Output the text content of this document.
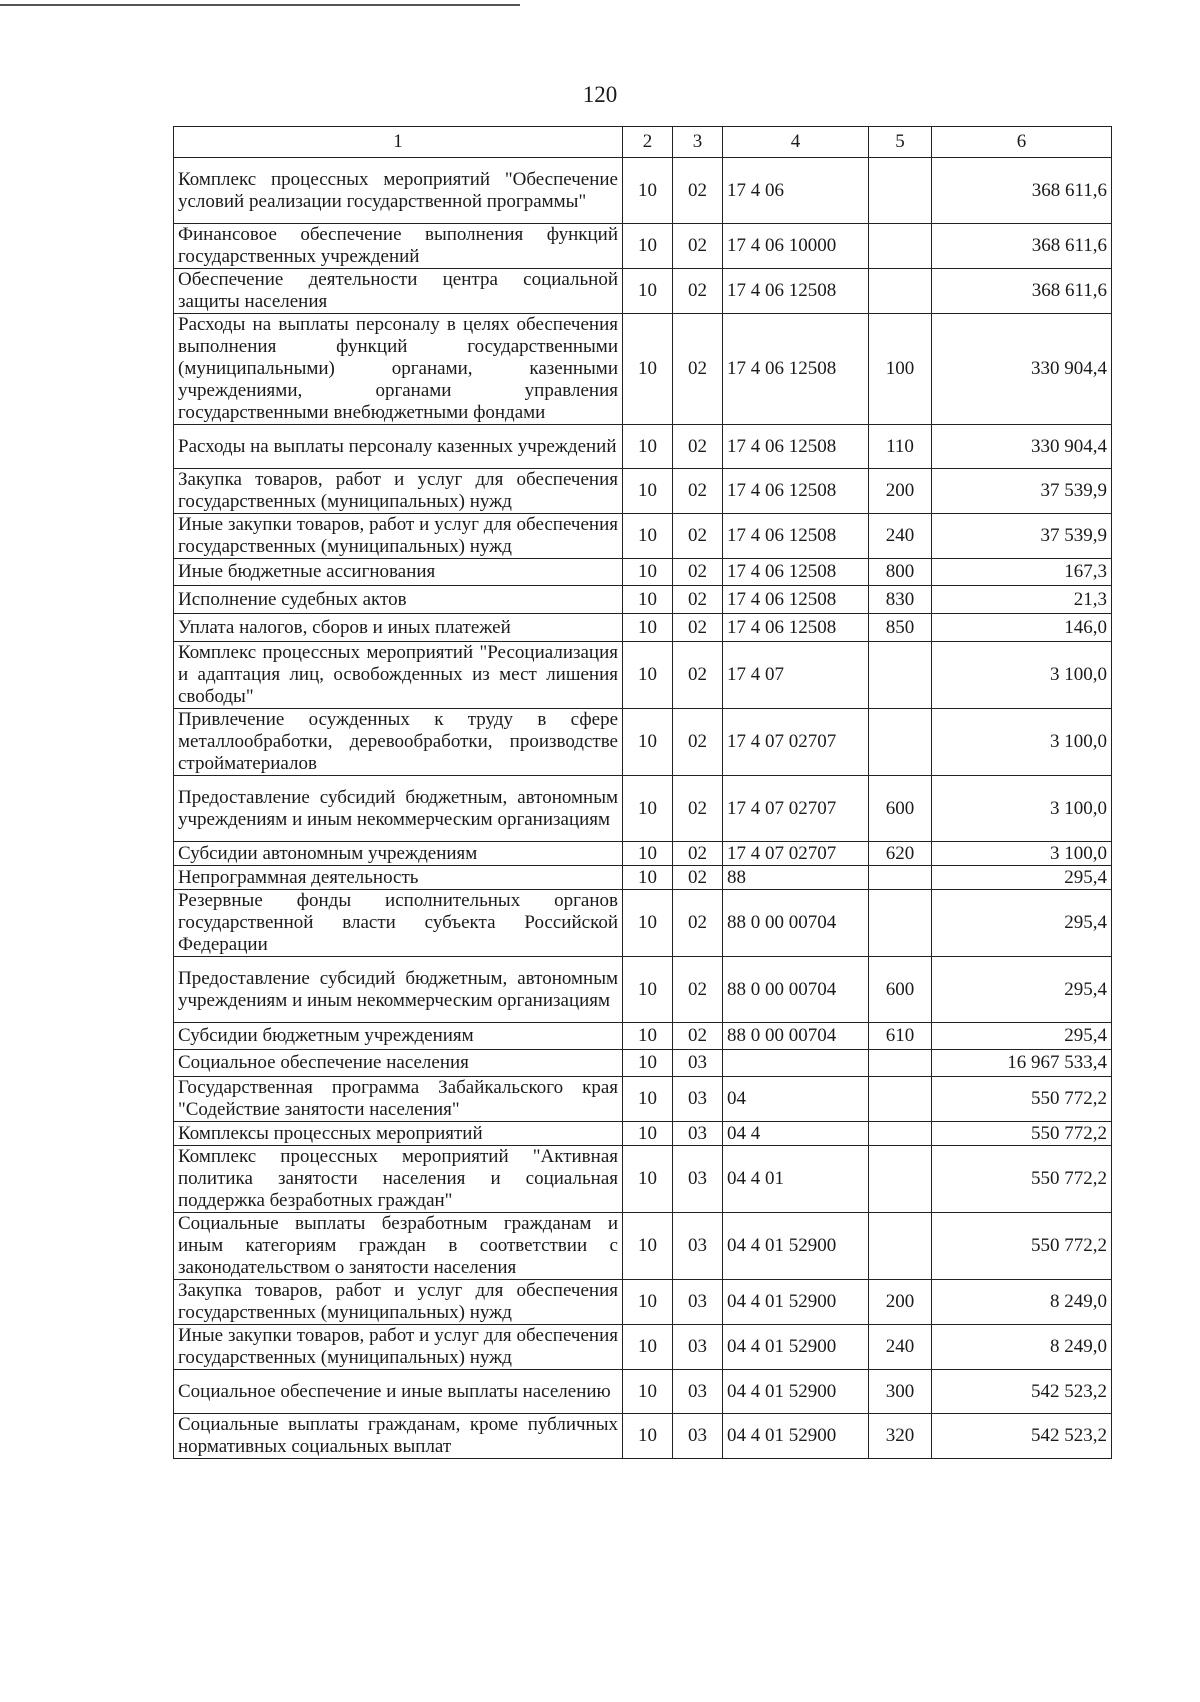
120
1	2	3	4	5	6
Комплекс процессных мероприятий "Обеспечение условий реализации государственной программы"	10	02	17 4 06		368 611,6
Финансовое обеспечение выполнения функций государственных учреждений	10	02	17 4 06 10000		368 611,6
Обеспечение деятельности центра социальной защиты населения	10	02	17 4 06 12508		368 611,6
Расходы на выплаты персоналу в целях обеспечения выполнения функций государственными (муниципальными) органами, казенными учреждениями, органами управления государственными внебюджетными фондами	10	02	17 4 06 12508	100	330 904,4
Расходы на выплаты персоналу казенных учреждений	10	02	17 4 06 12508	110	330 904,4
Закупка товаров, работ и услуг для обеспечения государственных (муниципальных) нужд	10	02	17 4 06 12508	200	37 539,9
Иные закупки товаров, работ и услуг для обеспечения государственных (муниципальных) нужд	10	02	17 4 06 12508	240	37 539,9
Иные бюджетные ассигнования	10	02	17 4 06 12508	800	167,3
Исполнение судебных актов	10	02	17 4 06 12508	830	21,3
Уплата налогов, сборов и иных платежей	10	02	17 4 06 12508	850	146,0
Комплекс процессных мероприятий "Ресоциализация и адаптация лиц, освобожденных из мест лишения свободы"	10	02	17 4 07		3 100,0
Привлечение осужденных к труду в сфере металлообработки, деревообработки, производстве стройматериалов	10	02	17 4 07 02707		3 100,0
Предоставление субсидий бюджетным, автономным учреждениям и иным некоммерческим организациям	10	02	17 4 07 02707	600	3 100,0
Субсидии автономным учреждениям	10	02	17 4 07 02707	620	3 100,0
Непрограммная деятельность	10	02	88		295,4
Резервные фонды исполнительных органов государственной власти субъекта Российской Федерации	10	02	88 0 00 00704		295,4
Предоставление субсидий бюджетным, автономным учреждениям и иным некоммерческим организациям	10	02	88 0 00 00704	600	295,4
Субсидии бюджетным учреждениям	10	02	88 0 00 00704	610	295,4
Социальное обеспечение населения	10	03			16 967 533,4
Государственная программа Забайкальского края "Содействие занятости населения"	10	03	04		550 772,2
Комплексы процессных мероприятий	10	03	04 4		550 772,2
Комплекс процессных мероприятий "Активная политика занятости населения и социальная поддержка безработных граждан"	10	03	04 4 01		550 772,2
Социальные выплаты безработным гражданам и иным категориям граждан в соответствии с законодательством о занятости населения	10	03	04 4 01 52900		550 772,2
Закупка товаров, работ и услуг для обеспечения государственных (муниципальных) нужд	10	03	04 4 01 52900	200	8 249,0
Иные закупки товаров, работ и услуг для обеспечения государственных (муниципальных) нужд	10	03	04 4 01 52900	240	8 249,0
Социальное обеспечение и иные выплаты населению	10	03	04 4 01 52900	300	542 523,2
Социальные выплаты гражданам, кроме публичных нормативных социальных выплат	10	03	04 4 01 52900	320	542 523,2
